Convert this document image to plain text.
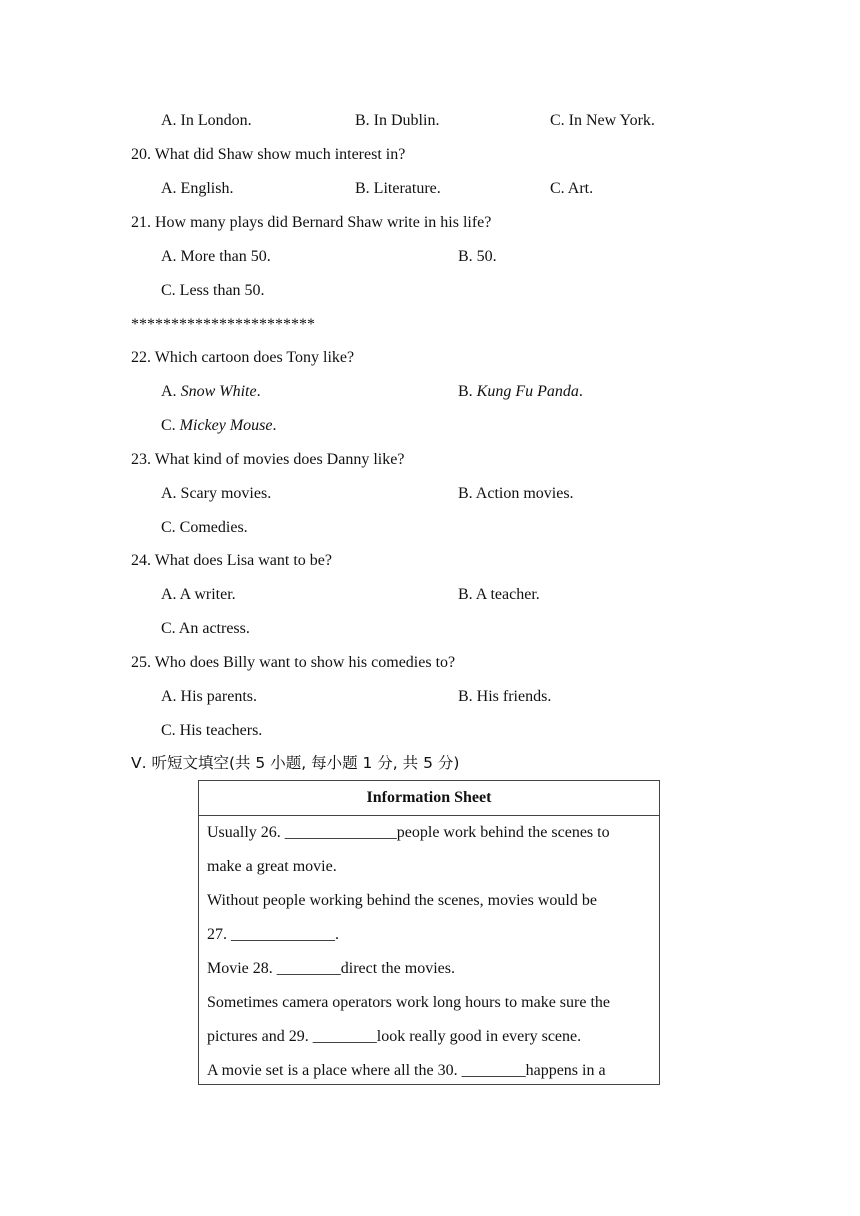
A. In London.	B. In Dublin.	C. In New York.
20. What did Shaw show much interest in?
A. English.	B. Literature.	C. Art.
21. How many plays did Bernard Shaw write in his life?
A. More than 50.	B. 50.
C. Less than 50.
***********************
22. Which cartoon does Tony like?
A. Snow White.	B. Kung Fu Panda.
C. Mickey Mouse.
23. What kind of movies does Danny like?
A. Scary movies.	B. Action movies.
C. Comedies.
24. What does Lisa want to be?
A. A writer.	B. A teacher.
C. An actress.
25. Who does Billy want to show his comedies to?
A. His parents.	B. His friends.
C. His teachers.
Ⅴ. 听短文填空(共 5 小题, 每小题 1 分, 共 5 分)
Information Sheet
Usually 26. ______________people work behind the scenes to
make a great movie.
Without people working behind the scenes, movies would be
27. _____________.
Movie 28. ________direct the movies.
Sometimes camera operators work long hours to make sure the
pictures and 29. ________look really good in every scene.
A movie set is a place where all the 30. ________happens in a
